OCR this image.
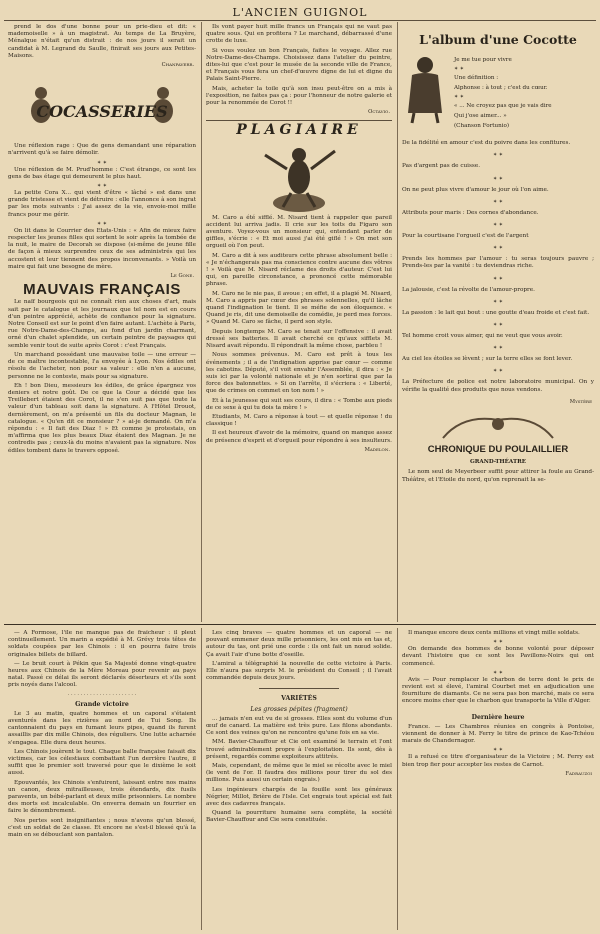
L'ANCIEN GUIGNOL

prend le dos d'une bonne pour un prie-dieu et dit: « mademoiselle » à un magistrat. Au temps de La Bruyère, Ménalque n'était qu'un distrait : de nos jours il serait un candidat à M. Legrand du Saulle, finirait ses jours aux Petites-Maisons.

Chanpaverr.
COCASSERIES

Une réflexion rage : Que de gens demandant une réparation n'arrivent qu'à se faire démolir.

✶ ✶

Une réflexion de M. Prud'homme : C'est étrange, ce sont les gens de bas étage qui demeurent le plus haut.

✶ ✶

La petite Cora X... qui vient d'être « lâché » est dans une grande tristesse et vient de détruire : elle l'annonce à son ingrat par les mots suivants : J'ai assez de la vie, envoie-moi mille francs pour me gérir.

✶ ✶

On lit dans le Courrier des Etats-Unis : « Afin de mieux faire respecter les jeunes filles qui sortent le soir après la tombée de la nuit, le maire de Decorah se dispose (si-même de jeune fille de façon à mieux surprendre ceux de ses administrés qui les accostent et leur tiennent des propos inconvenants. » Voilà un maire qui fait une besogne de mère.

Le Gone.
MAUVAIS FRANÇAIS

Le naïf bourgeois qui ne connaît rien aux choses d'art, mais sait par le catalogue et les journaux que tel nom est en cours d'un peintre apprécié, achète de confiance pour la signature. Notre Conseil est sur le point d'en faire autant. L'achète à Paris, rue Notre-Dame-des-Champs, au fond d'un jardin charmant, orné d'un chalet splendide, un certain peintre de paysages qui semble venir tout de suite après Corot : c'est Français.

Un marchand possédant une mauvaise toile — une erreur — de ce maître incontestable, l'a envoyée à Lyon. Nos édiles ont résolu de l'acheter, non pour sa valeur : elle n'en a aucune, personne ne le conteste, mais pour sa signature.

Eh ! bon Dieu, messieurs les édiles, de grâce épargnez vos deniers et notre goût. De ce que la Cour a décidé que les Treillebert étaient des Corot, il ne s'en suit pas que toute la valeur d'un tableau soit dans la signature. A l'Hôtel Drouot, dernièrement, on m'a présenté un fils du docteur Magnan, le catalogue. « Qu'en dit ce monsieur ? » ai-je demandé. On m'a répondu : « Il fait des Diaz ! » Et comme je protestais, on m'affirma que les plus beaux Diaz étaient des Magnan. Je ne contredis pas ; ceux-là du moins n'avaient pas la signature. Nos édiles tombent dans le travers opposé.

Ils vont payer huit mille francs un Français qui ne vaut pas quatre sous. Qui en profitera ? Le marchand, débarrassé d'une crotte de luxe.

Si vous voulez un bon Français, faites le voyage. Allez rue Notre-Dame-des-Champs. Choisissez dans l'atelier du peintre, dites-lui que c'est pour le musée de la seconde ville de France, et Français vous fera un chef-d'œuvre digne de lui et digne du Palais Saint-Pierre.

Mais, acheter la toile qu'à son insu peut-être on a mis à l'exposition, ne faites pas ça : pour l'honneur de notre galerie et pour la renommée de Corot !!

Octavio.
PLAGIAIRE

M. Caro a été sifflé. M. Nisard tient à rappeler que pareil accident lui arriva jadis. Il crie sur les toits du Figaro son aventure. Voyez-vous un monsieur qui, entendant parler de giffles, s'écrie : « Et moi aussi j'ai été giflé ! » On met son orgueil où l'on peut.

M. Caro a dit à ses auditeurs cette phrase absolument belle : « Je n'échangerais pas ma conscience contre aucune des vôtres ! » Voilà que M. Nisard réclame des droits d'auteur. C'est lui qui, en pareille circonstance, a prononcé cette mémorable phrase.

M. Caro ne le nie pas, il avoue ; en effet, il a plagié M. Nisard, M. Caro a appris par cœur des phrases solennelles, qu'il lâche quand l'indignation le tient. Il se méfie de son éloquence. « Quand je ris, dit une demoiselle de comédie, je perd mes forces. » Quand M. Caro se fâche, il perd son style.

Depuis longtemps M. Caro se tenait sur l'offensive : il avait dressé ses batteries. Il avait cherché ce qu'aux sifflets M. Nisard avait répondu. Il répondrait la même chose, parbleu !

Nous sommes prévenus. M. Caro est prêt à tous les événements ; il a de l'indignation apprise par cœur — comme les cabotins. Député, s'il voit envahir l'Assemblée, il dira : « Je suis ici par la volonté nationale et je n'en sortirai que par la force des baïonnettes. » Si on l'arrête, il s'écriera : « Liberté, que de crimes on commet en ton nom ! »

Et à la jeunesse qui suit ses cours, il dira : « Tombe aux pieds de ce sexe à qui tu dois ta mère ! »

Etudiants, M. Caro a réponse à tout — et quelle réponse ! du classique !

Il est heureux d'avoir de la mémoire, quand on manque assez de présence d'esprit et d'orgueil pour répondre à ses insulteurs.

Madelon.
L'album d'une Cocotte
Je me tue pour vivre
✶ ✶
Une définition :
Alphonse : à tout ; c'est du cœur.
✶ ✶
« ... Ne croyez pas que je vais dire
Qui j'ose aimer... »
(Chanson Fortunio)
De la fidélité en amour c'est du poivre dans les confitures.
✶ ✶
Pas d'argent pas de cuisse.
✶ ✶
On ne peut plus vivre d'amour le jour où l'on aime.
✶ ✶
Attributs pour maris : Des cornes d'abondance.
✶ ✶
Pour la courtisane l'orgueil c'est de l'argent
✶ ✶
Prends les hommes par l'amour : tu seras toujours pauvre ; Prends-les par la vanité : tu deviendras riche.
✶ ✶
La jalousie, c'est la révolte de l'amour-propre.
✶ ✶
La passion : le lait qui bout : une goutte d'eau froide et c'est fait.
✶ ✶
Tel homme croit vous aimer, qui ne veut que vous avoir.
✶ ✶
Au ciel les étoiles se lèvent ; sur la terre elles se font lever.
✶ ✶
La Préfecture de police est notre laboratoire municipal. On y vérifie la qualité des produits que nous vendons.
Mystère
CHRONIQUE DU POULAILLIER
GRAND-THÉATRE

Le nom seul de Meyerbeer suffit pour attirer la foule au Grand-Théâtre, et l'Etoile du nord, qu'on reprenait la se-

— A Formose, l'île ne manque pas de fraîcheur : il pleut continuellement. Un marin a expédié à M. Grévy trois têtes de soldats coupées par les Chinois : il en pourra faire trois originales billets de billard.

— Le bruit court à Pékin que Sa Majesté donne vingt-quatre heures aux Chinois de la Mère Moreau pour revenir au pays natal. Passé ce délai ils seront déclarés déserteurs et s'ils sont pris noyés dans l'alcool.

· · · · · · · · · · · · · · · · · · · · · ·
Grande victoire

Le 3 au matin, quatre hommes et un caporal s'étaient aventurés dans les rizières au nord de Tui Song. Ils cantonnaient du pays en fumant leurs pipes, quand ils furent assaillis par dix mille Chinois, des réguliers. Une lutte acharnée s'engagea. Elle dura deux heures.

Les Chinois jouèrent le tout. Chaque balle française faisait dix victimes, car les célestiaux combattant l'un derrière l'autre, il suffit que le premier soit traversé pour que le dixième le soit aussi.

Epouvantés, les Chinois s'enfuirent, laissant entre nos mains un canon, deux mitrailleuses, trois étendards, dix fusils paravents, un bébé-parlant et deux mille prisonniers. Le nombre des morts est incalculable. On enverra demain un fourrier en faire le dénombrement.

Nos pertes sont insignifiantes ; nous n'avons qu'un blessé, c'est un soldat de 2e classe. Et encore ne s'est-il blessé qu'à la main en se débouclant son pantalon.

Les cinq braves — quatre hommes et un caporal — ne pouvant emmener deux mille prisonniers, les ont mis en tas et, autour du tas, ont prié une corde : ils ont fait un nœud solide. Ça avait l'air d'une botte d'oseille.

L'amiral a télégraphié la nouvelle de cette victoire à Paris. Elle n'aura pas surpris M. le président du Conseil ; il l'avait commandée depuis deux jours.

VARIÉTÉS
Les grosses pépites (fragment)

... jamais n'en eut vu de si grosses. Elles sont du volume d'un œuf de canard. La matière est très pure. Les filons abondants. Ce sont des veines qu'on ne rencontre qu'une fois en sa vie.

MM. Bavier-Chauffour et Cie ont examiné le terrain et l'ont trouvé admirablement propre à l'exploitation. Ils sont, dès à présent, regardés comme exploiteurs attitrés.

Mais, cependant, de même que le miel se récolte avec le miel (le vent de l'or. Il faudra des millions pour tirer du sol des millions. Puis aussi un certain engrais.)

Les ingénieurs chargés de la fouille sont les généraux Négrier, Millot, Brière de l'Isle. Cet engrais tout spécial est fait avec des cadavres français.

Quand la pourriture humaine sera complète, la société Bavier-Chauffour and Cie sera constituée.

Il manque encore deux cents millions et vingt mille soldats.

✶ ✶

On demande des hommes de bonne volonté pour déposer devant l'histoire que ce sont les Pavillons-Noirs qui ont commencé.

✶ ✶

Avis — Pour remplacer le charbon de terre dont le prix de revient est si élevé, l'amiral Courbet met en adjudication une fourniture de diamants. Ce ne sera pas bon marché, mais ce sera encore moins cher que le charbon que transporte la Ville d'Alger.

Dernière heure

France. — Les Chambres réunies en congrès à Pontoise, viennent de donner à M. Ferry le titre de prince de Kao-Tchéou marais de Chandernagor.

✶ ✶

Il a refusé ce titre d'organisateur de la Victoire ; M. Ferry est bien trop fier pour accepter les restes de Carnot.

Fadrauzoi
